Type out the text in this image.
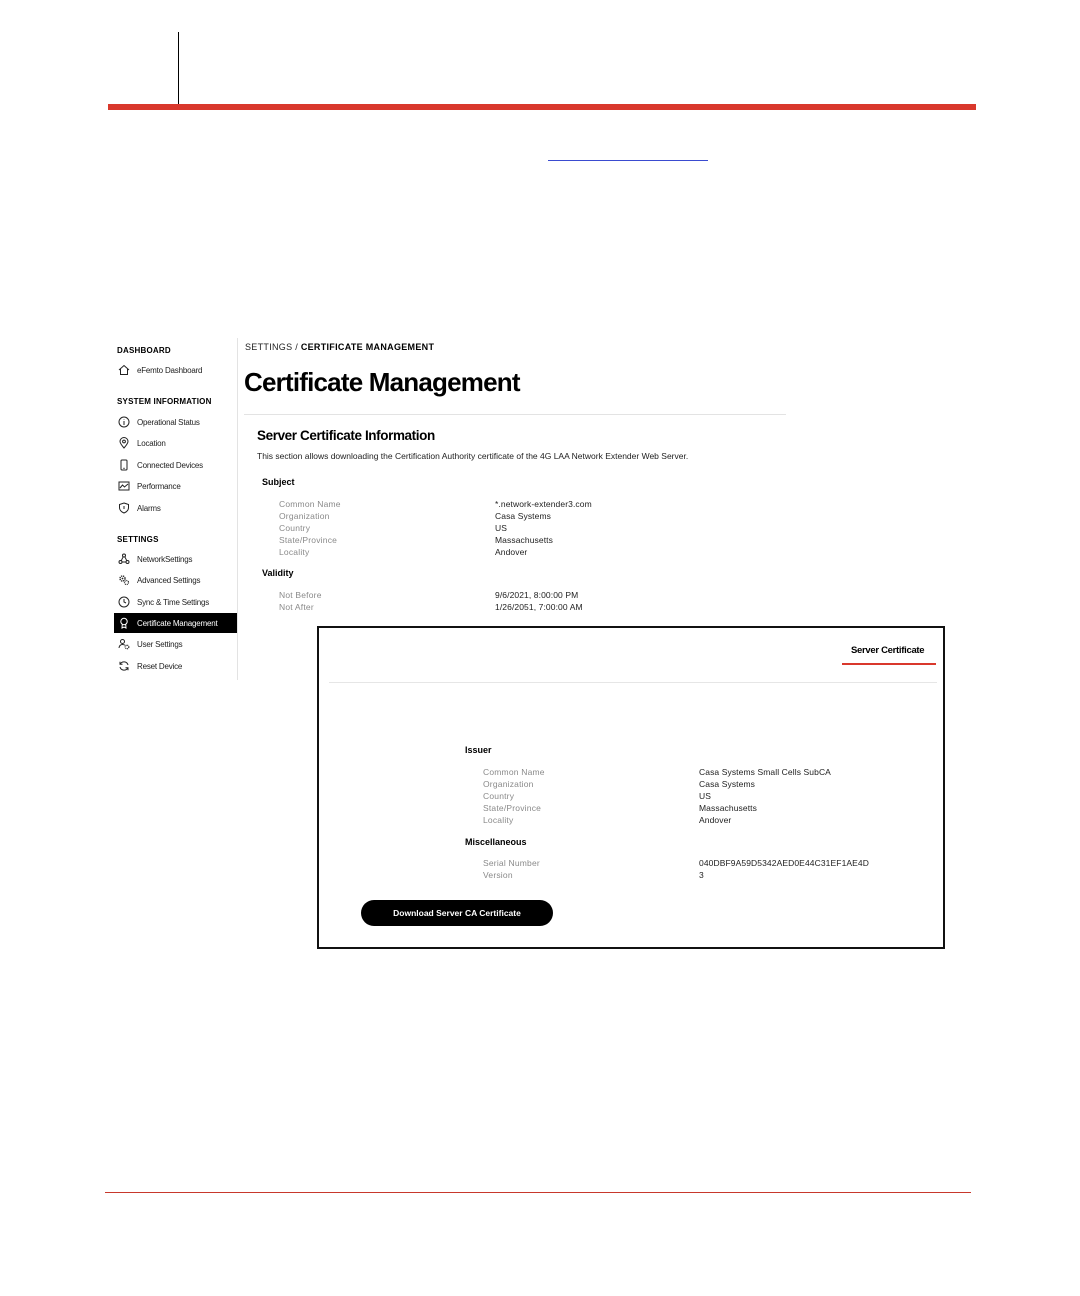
DASHBOARD
eFemto Dashboard
SYSTEM INFORMATION
Operational Status
Location
Connected Devices
Performance
Alarms
SETTINGS
NetworkSettings
Advanced Settings
Sync & Time Settings
Certificate Management
User Settings
Reset Device
SETTINGS / CERTIFICATE MANAGEMENT
Certificate Management
Server Certificate Information
This section allows downloading the Certification Authority certificate of the 4G LAA Network Extender Web Server.
Subject
Common Name	*.network-extender3.com
Organization	Casa Systems
Country	US
State/Province	Massachusetts
Locality	Andover
Validity
Not Before	9/6/2021, 8:00:00 PM
Not After	1/26/2051, 7:00:00 AM
Server Certificate
Issuer
Common Name	Casa Systems Small Cells SubCA
Organization	Casa Systems
Country	US
State/Province	Massachusetts
Locality	Andover
Miscellaneous
Serial Number	040DBF9A59D5342AED0E44C31EF1AE4D
Version	3
Download Server CA Certificate
